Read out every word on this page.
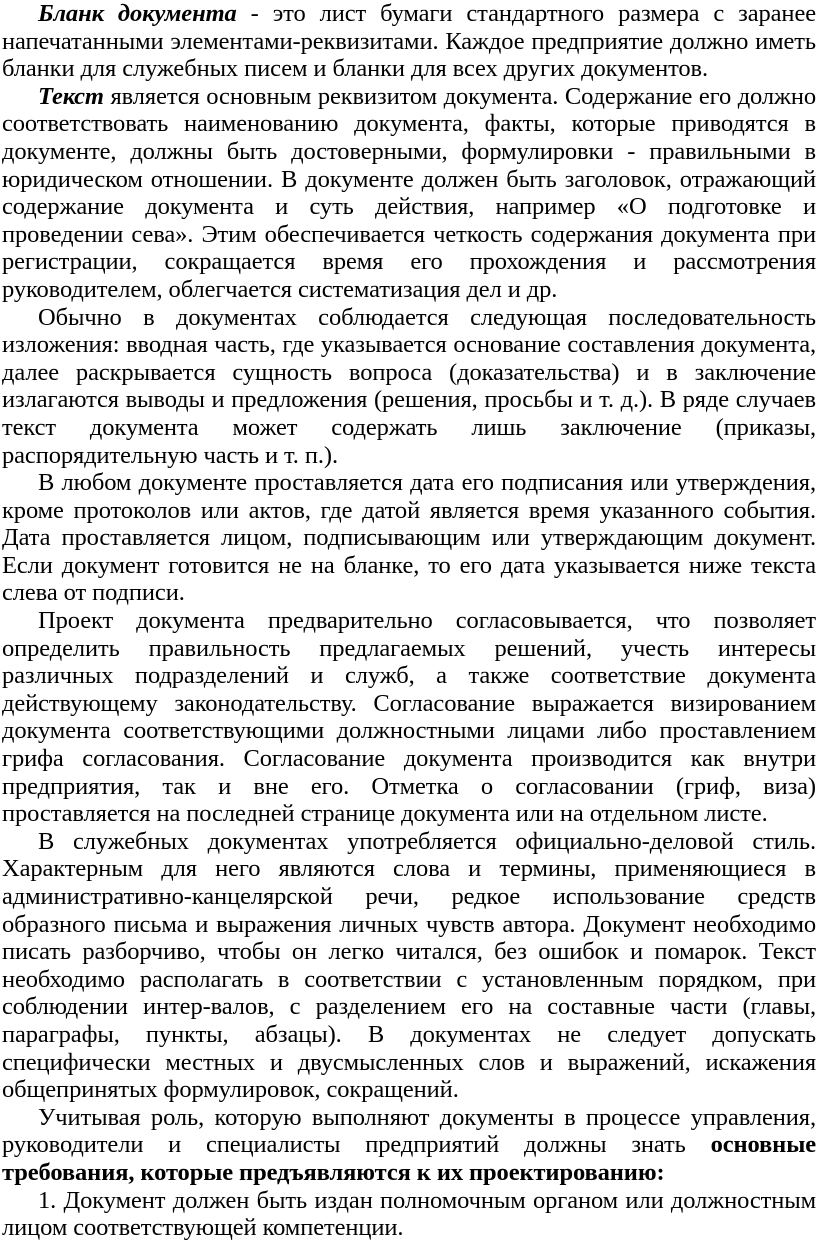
Бланк документа - это лист бумаги стандартного размера с заранее напечатанными элементами-реквизитами. Каждое предприятие должно иметь бланки для служебных писем и бланки для всех других документов.

Текст является основным реквизитом документа. Содержание его должно соответствовать наименованию документа, факты, которые приводятся в документе, должны быть достоверными, формулировки - правильными в юридическом отношении. В документе должен быть заголовок, отражающий содержание документа и суть действия, например «О подготовке и проведении сева». Этим обеспечивается четкость содержания документа при регистрации, сокращается время его прохождения и рассмотрения руководителем, облегчается систематизация дел и др.

Обычно в документах соблюдается следующая последовательность изложения: вводная часть, где указывается основание составления документа, далее раскрывается сущность вопроса (доказательства) и в заключение излагаются выводы и предложения (решения, просьбы и т. д.). В ряде случаев текст документа может содержать лишь заключение (приказы, распорядительную часть и т. п.).

В любом документе проставляется дата его подписания или утверждения, кроме протоколов или актов, где датой является время указанного события. Дата проставляется лицом, подписывающим или утверждающим документ. Если документ готовится не на бланке, то его дата указывается ниже текста слева от подписи.

Проект документа предварительно согласовывается, что позволяет определить правильность предлагаемых решений, учесть интересы различных подразделений и служб, а также соответствие документа действующему законодательству. Согласование выражается визированием документа соответствующими должностными лицами либо проставлением грифа согласования. Согласование документа производится как внутри предприятия, так и вне его. Отметка о согласовании (гриф, виза) проставляется на последней странице документа или на отдельном листе.

В служебных документах употребляется официально-деловой стиль. Характерным для него являются слова и термины, применяющиеся в административно-канцелярской речи, редкое использование средств образного письма и выражения личных чувств автора. Документ необходимо писать разборчиво, чтобы он легко читался, без ошибок и помарок. Текст необходимо располагать в соответствии с установленным порядком, при соблюдении интер-валов, с разделением его на составные части (главы, параграфы, пункты, абзацы). В документах не следует допускать специфически местных и двусмысленных слов и выражений, искажения общепринятых формулировок, сокращений.

Учитывая роль, которую выполняют документы в процессе управления, руководители и специалисты предприятий должны знать основные требования, которые предъявляются к их проектированию:

1. Документ должен быть издан полномочным органом или должностным лицом соответствующей компетенции.
